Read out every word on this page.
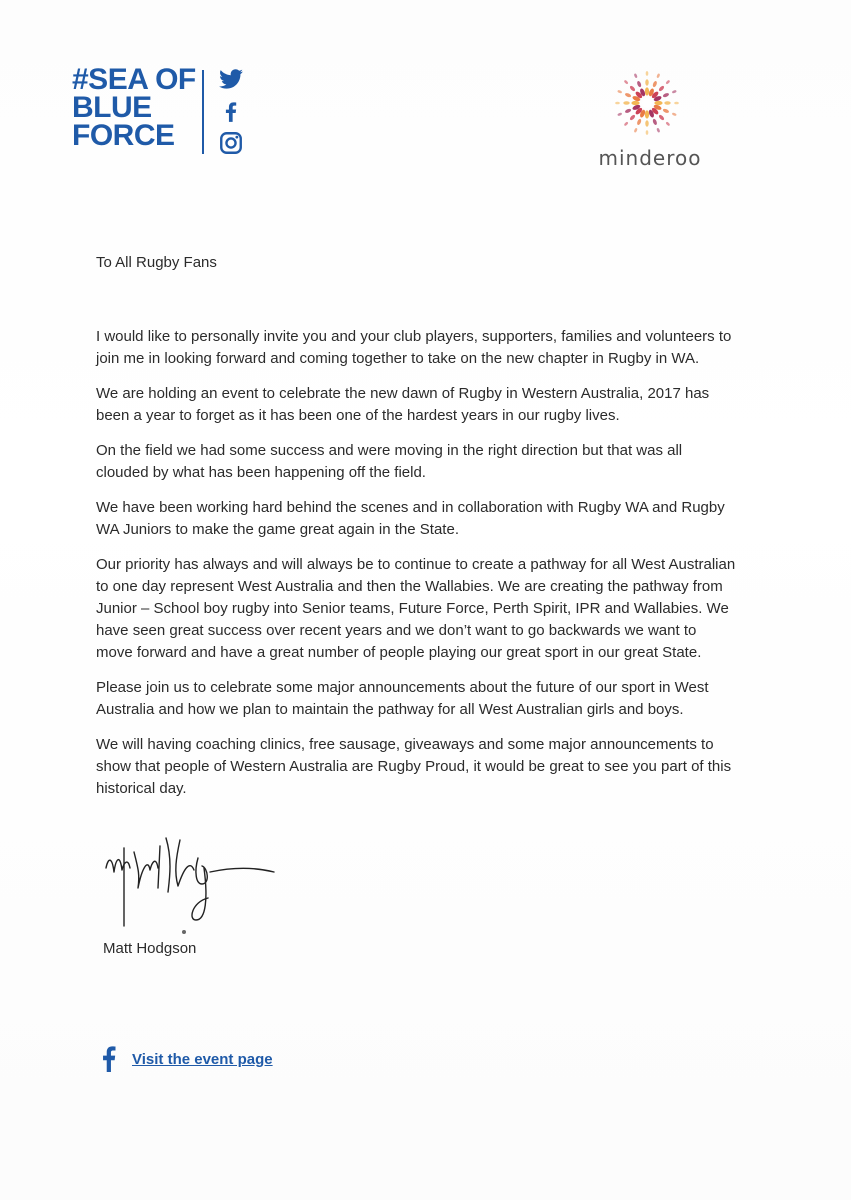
#SEA OF
BLUE
FORCE
minderoo
To All Rugby Fans

I would like to personally invite you and your club players, supporters, families and volunteers to join me in looking forward and coming together to take on the new chapter in Rugby in WA.

We are holding an event to celebrate the new dawn of Rugby in Western Australia, 2017 has been a year to forget as it has been one of the hardest years in our rugby lives.

On the field we had some success and were moving in the right direction but that was all clouded by what has been happening off the field.

We have been working hard behind the scenes and in collaboration with Rugby WA and Rugby WA Juniors to make the game great again in the State.

Our priority has always and will always be to continue to create a pathway for all West Australian to one day represent West Australia and then the Wallabies. We are creating the pathway from Junior – School boy rugby into Senior teams, Future Force, Perth Spirit, IPR and Wallabies. We have seen great success over recent years and we don’t want to go backwards we want to move forward and have a great number of people playing our great sport in our great State.

Please join us to celebrate some major announcements about the future of our sport in West Australia and how we plan to maintain the pathway for all West Australian girls and boys.

We will having coaching clinics, free sausage, giveaways and some major announcements to show that people of Western Australia are Rugby Proud, it would be great to see you part of this historical day.

Matt Hodgson
Visit the event page
